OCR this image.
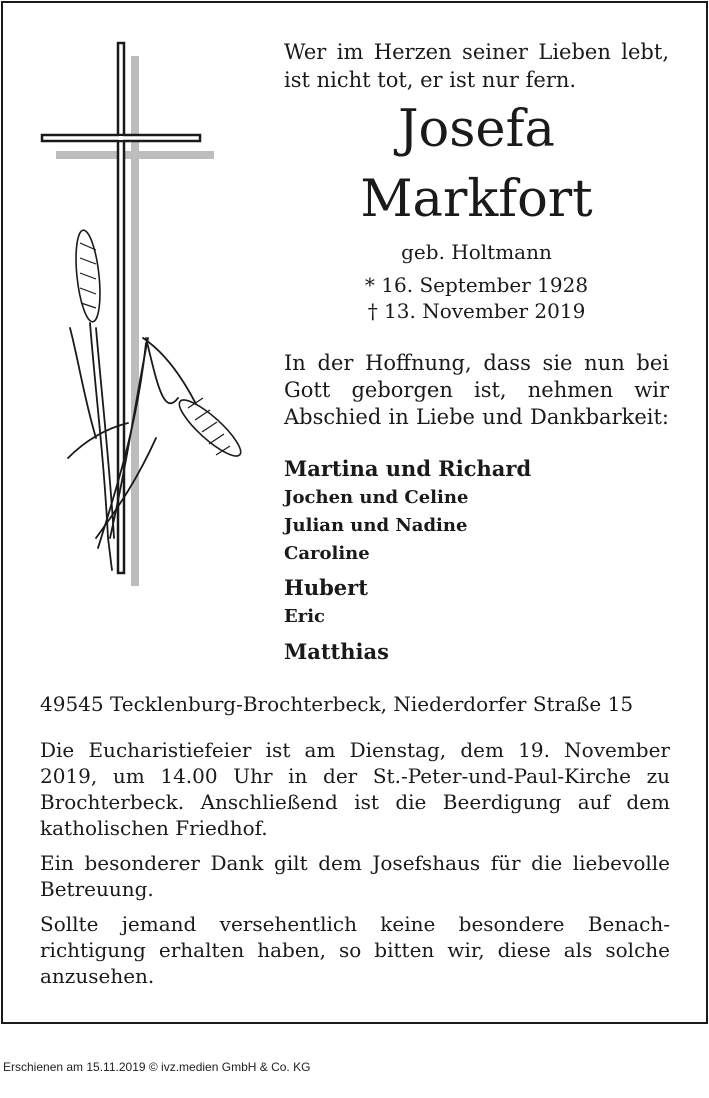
Wer im Herzen seiner Lieben lebt,
ist nicht tot, er ist nur fern.
Josefa
Markfort
geb. Holtmann
* 16. September 1928
† 13. November 2019
In der Hoffnung, dass sie nun bei
Gott geborgen ist, nehmen wir
Abschied in Liebe und Dankbarkeit:
Martina und Richard
Jochen und Celine
Julian und Nadine
Caroline
Hubert
Eric
Matthias
49545 Tecklenburg-Brochterbeck, Niederdorfer Straße 15
Die Eucharistiefeier ist am Dienstag, dem 19. November
2019, um 14.00 Uhr in der St.-Peter-und-Paul-Kirche zu
Brochterbeck. Anschließend ist die Beerdigung auf dem
katholischen Friedhof.
Ein besonderer Dank gilt dem Josefshaus für die liebevolle
Betreuung.
Sollte jemand versehentlich keine besondere Benach-
richtigung erhalten haben, so bitten wir, diese als solche
anzusehen.
Erschienen am 15.11.2019 © ivz.medien GmbH & Co. KG
